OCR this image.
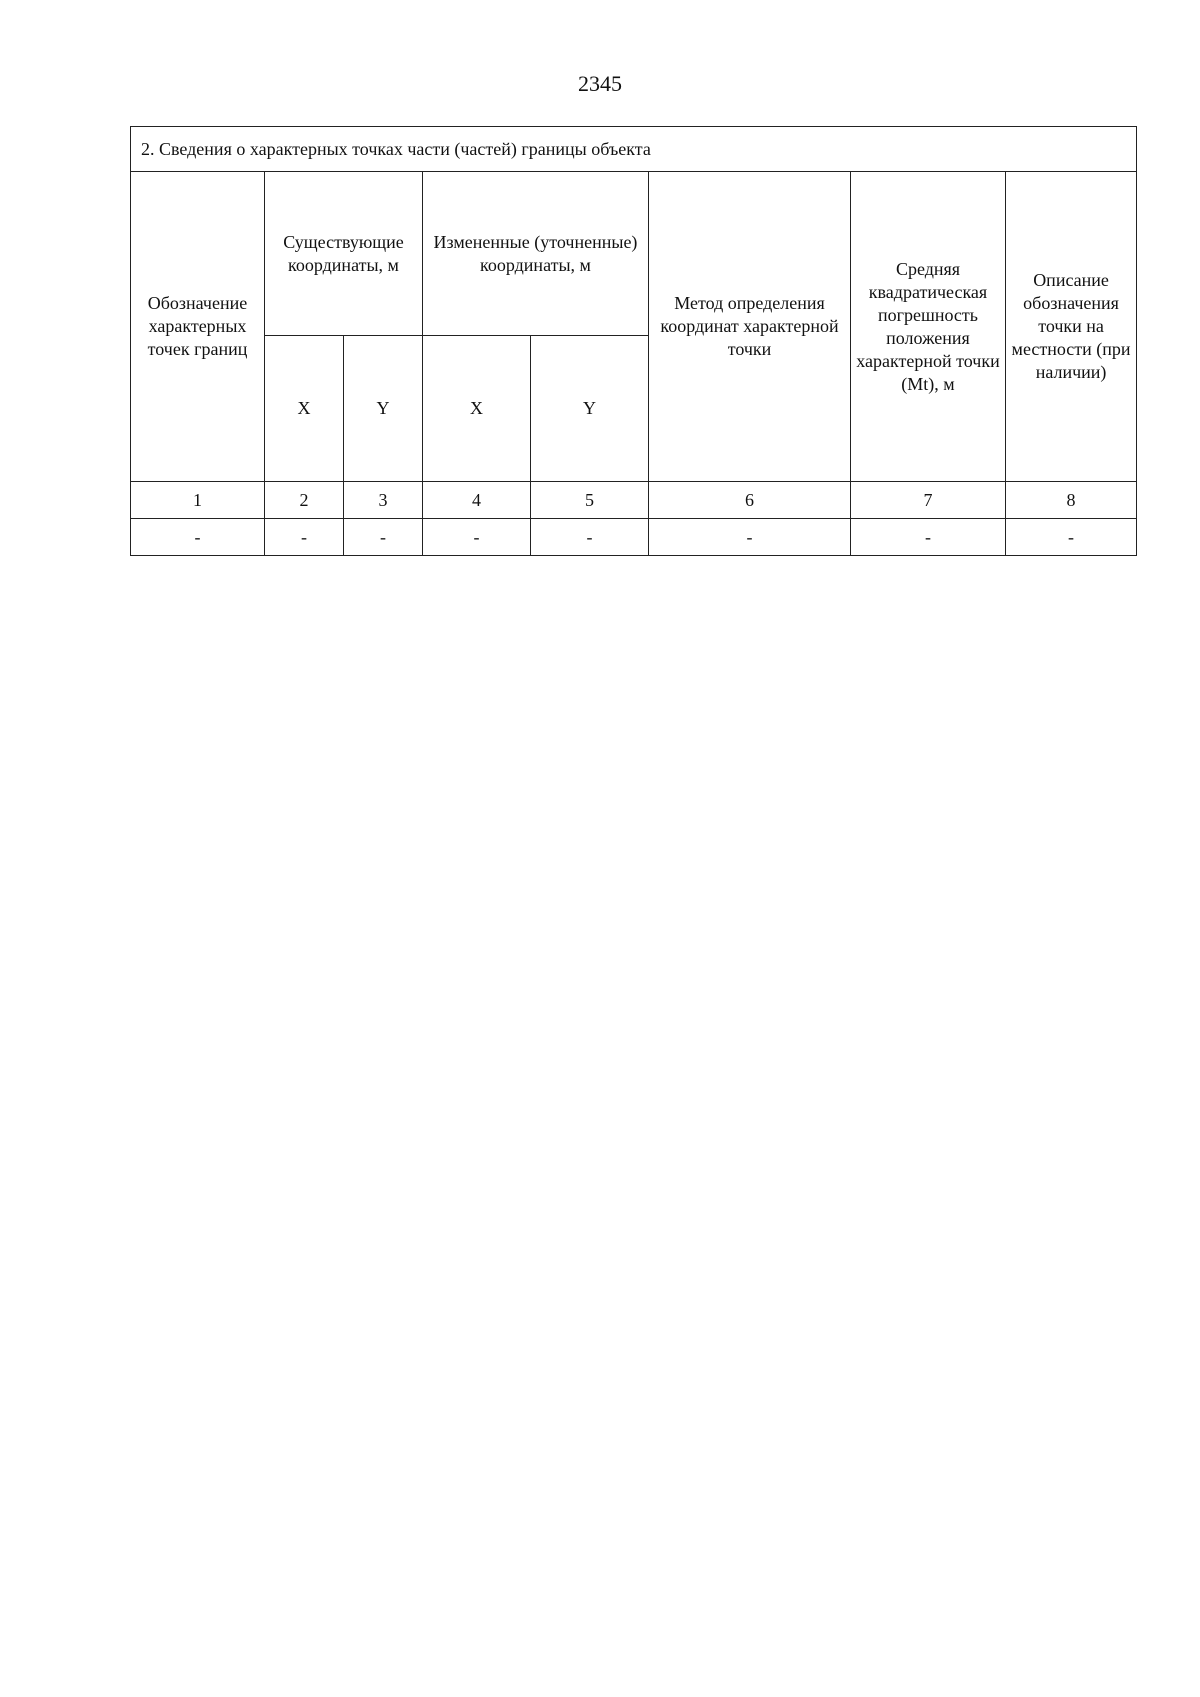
2345
2. Сведения о характерных точках части (частей) границы объекта							
Обозначение характерных точек границ	Существующие координаты, м		Измененные (уточненные) координаты, м		Метод определения координат характерной точки	Средняя квадратическая погрешность положения характерной точки (Mt), м	Описание обозначения точки на местности (при наличии)
	X	Y	X	Y			
1	2	3	4	5	6	7	8
-	-	-	-	-	-	-	-
